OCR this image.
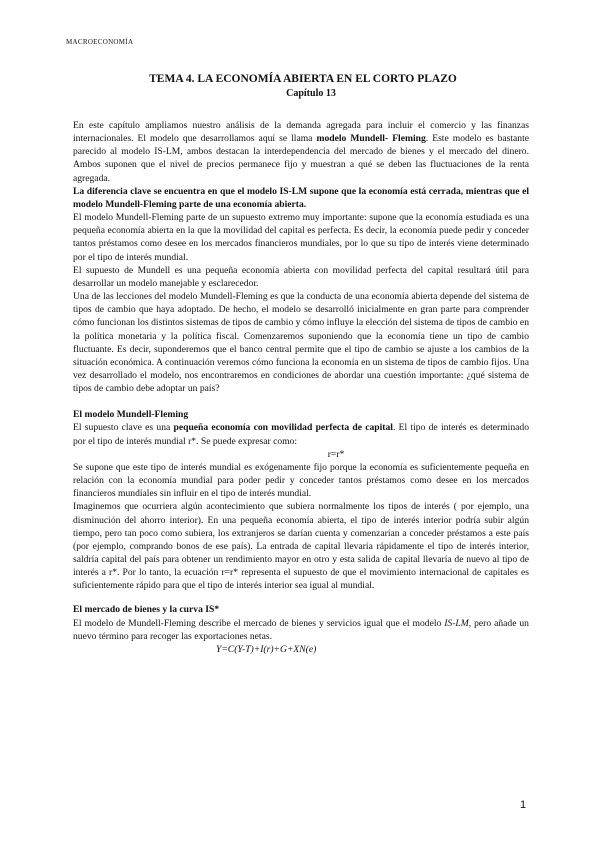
MACROECONOMÍA
TEMA 4. LA ECONOMÍA ABIERTA EN EL CORTO PLAZO
Capítulo 13

En este capítulo ampliamos nuestro análisis de la demanda agregada para incluir el comercio y las finanzas internacionales. El modelo que desarrollamos aquí se llama modelo Mundell- Fleming. Este modelo es bastante parecido al modelo IS-LM, ambos destacan la interdependencia del mercado de bienes y el mercado del dinero. Ambos suponen que el nivel de precios permanece fijo y muestran a qué se deben las fluctuaciones de la renta agregada.

La diferencia clave se encuentra en que el modelo IS-LM supone que la economía está cerrada, mientras que el modelo Mundell-Fleming parte de una economía abierta.

El modelo Mundell-Fleming parte de un supuesto extremo muy importante: supone que la economía estudiada es una pequeña economía abierta en la que la movilidad del capital es perfecta. Es decir, la economía puede pedir y conceder tantos préstamos como desee en los mercados financieros mundiales, por lo que su tipo de interés viene determinado por el tipo de interés mundial.

El supuesto de Mundell es una pequeña economía abierta con movilidad perfecta del capital resultará útil para desarrollar un modelo manejable y esclarecedor.

Una de las lecciones del modelo Mundell-Fleming es que la conducta de una economía abierta depende del sistema de tipos de cambio que haya adoptado. De hecho, el modelo se desarrolló inicialmente en gran parte para comprender cómo funcionan los distintos sistemas de tipos de cambio y cómo influye la elección del sistema de tipos de cambio en la política monetaria y la política fiscal. Comenzaremos suponiendo que la economía tiene un tipo de cambio fluctuante. Es decir, suponderemos que el banco central permite que el tipo de cambio se ajuste a los cambios de la situación económica. A continuación veremos cómo funciona la economía en un sistema de tipos de cambio fijos. Una vez desarrollado el modelo, nos encontraremos en condiciones de abordar una cuestión importante: ¿qué sistema de tipos de cambio debe adoptar un país?

El modelo Mundell-Fleming

El supuesto clave es una pequeña economía con movilidad perfecta de capital. El tipo de interés es determinado por el tipo de interés mundial r*. Se puede expresar como:

r=r*

Se supone que este tipo de interés mundial es exógenamente fijo porque la economía es suficientemente pequeña en relación con la economía mundial para poder pedir y conceder tantos préstamos como desee en los mercados financieros mundiales sin influir en el tipo de interés mundial.

Imaginemos que ocurriera algún acontecimiento que subiera normalmente los tipos de interés ( por ejemplo, una disminución del ahorro interior). En una pequeña economía abierta, el tipo de interés interior podría subir algún tiempo, pero tan poco como subiera, los extranjeros se darían cuenta y comenzarían a conceder préstamos a este país (por ejemplo, comprando bonos de ese país). La entrada de capital llevaría rápidamente el tipo de interés interior, saldría capital del país para obtener un rendimiento mayor en otro y esta salida de capital llevaría de nuevo al tipo de interés a r*. Por lo tanto, la ecuación r=r* representa el supuesto de que el movimiento internacional de capitales es suficientemente rápido para que el tipo de interés interior sea igual al mundial.

El mercado de bienes y la curva IS*

El modelo de Mundell-Fleming describe el mercado de bienes y servicios igual que el modelo IS-LM, pero añade un nuevo término para recoger las exportaciones netas.

Y=C(Y-T)+I(r)+G+XN(e)

1
